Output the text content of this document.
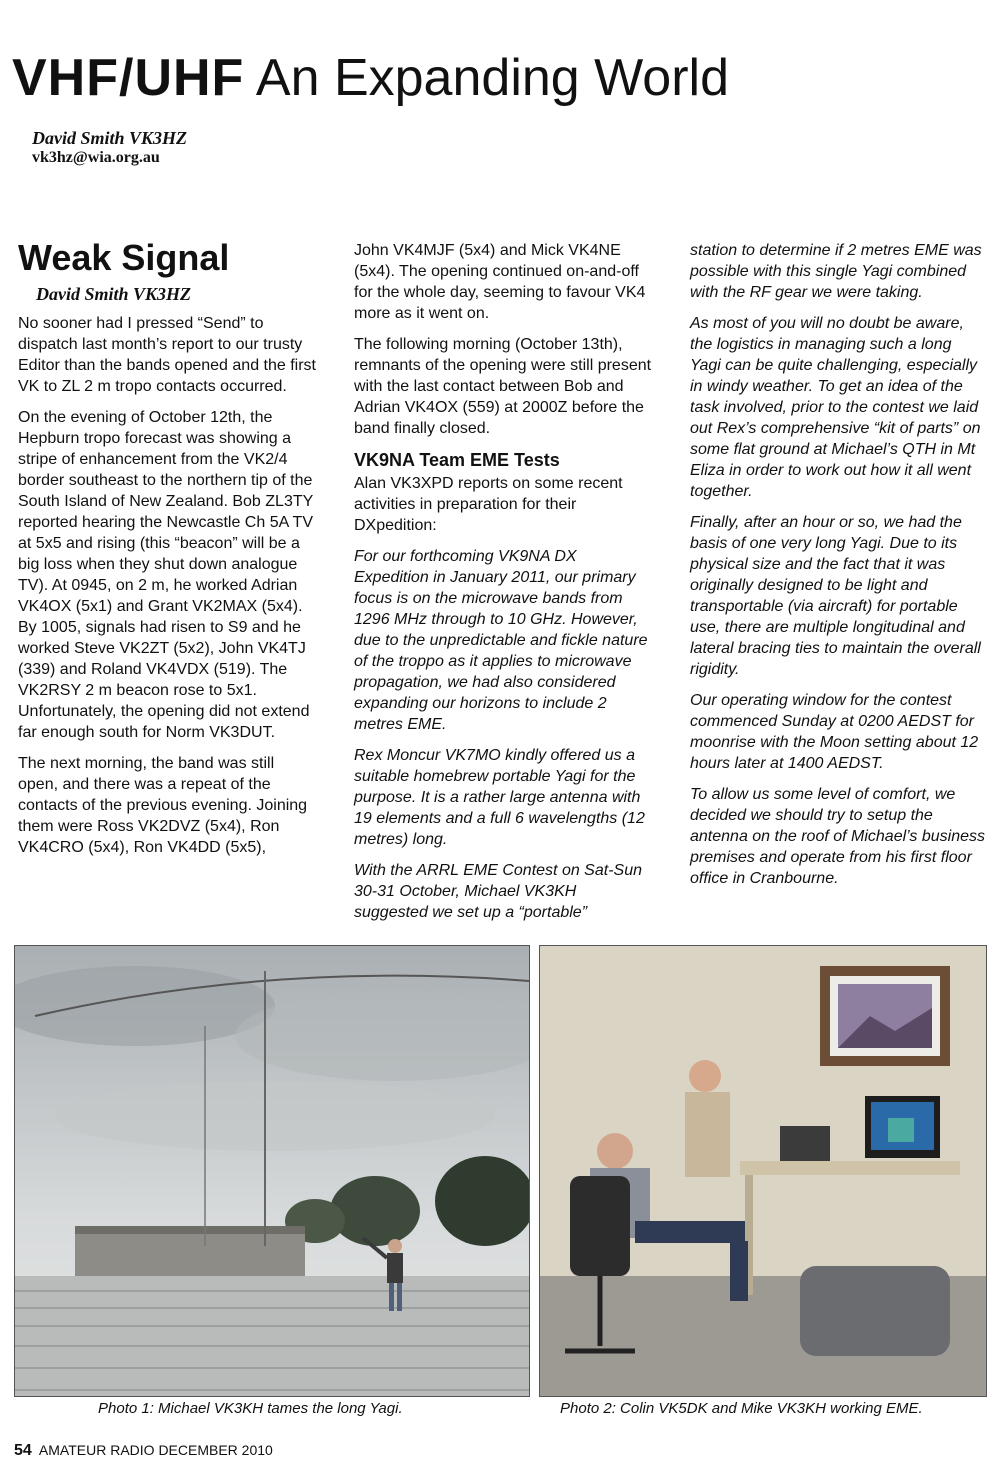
VHF/UHF An Expanding World
David Smith VK3HZ
vk3hz@wia.org.au
Weak Signal
David Smith VK3HZ

No sooner had I pressed “Send” to dispatch last month’s report to our trusty Editor than the bands opened and the first VK to ZL 2 m tropo contacts occurred.

On the evening of October 12th, the Hepburn tropo forecast was showing a stripe of enhancement from the VK2/4 border southeast to the northern tip of the South Island of New Zealand. Bob ZL3TY reported hearing the Newcastle Ch 5A TV at 5x5 and rising (this “beacon” will be a big loss when they shut down analogue TV). At 0945, on 2 m, he worked Adrian VK4OX (5x1) and Grant VK2MAX (5x4). By 1005, signals had risen to S9 and he worked Steve VK2ZT (5x2), John VK4TJ (339) and Roland VK4VDX (519). The VK2RSY 2 m beacon rose to 5x1. Unfortunately, the opening did not extend far enough south for Norm VK3DUT.

The next morning, the band was still open, and there was a repeat of the contacts of the previous evening. Joining them were Ross VK2DVZ (5x4), Ron VK4CRO (5x4), Ron VK4DD (5x5),

John VK4MJF (5x4) and Mick VK4NE (5x4). The opening continued on-and-off for the whole day, seeming to favour VK4 more as it went on.

The following morning (October 13th), remnants of the opening were still present with the last contact between Bob and Adrian VK4OX (559) at 2000Z before the band finally closed.

VK9NA Team EME Tests

Alan VK3XPD reports on some recent activities in preparation for their DXpedition:

For our forthcoming VK9NA DX Expedition in January 2011, our primary focus is on the microwave bands from 1296 MHz through to 10 GHz. However, due to the unpredictable and fickle nature of the troppo as it applies to microwave propagation, we had also considered expanding our horizons to include 2 metres EME.

Rex Moncur VK7MO kindly offered us a suitable homebrew portable Yagi for the purpose. It is a rather large antenna with 19 elements and a full 6 wavelengths (12 metres) long.

With the ARRL EME Contest on Sat-Sun 30-31 October, Michael VK3KH suggested we set up a “portable”

station to determine if 2 metres EME was possible with this single Yagi combined with the RF gear we were taking.

As most of you will no doubt be aware, the logistics in managing such a long Yagi can be quite challenging, especially in windy weather. To get an idea of the task involved, prior to the contest we laid out Rex’s comprehensive “kit of parts” on some flat ground at Michael’s QTH in Mt Eliza in order to work out how it all went together.

Finally, after an hour or so, we had the basis of one very long Yagi. Due to its physical size and the fact that it was originally designed to be light and transportable (via aircraft) for portable use, there are multiple longitudinal and lateral bracing ties to maintain the overall rigidity.

Our operating window for the contest commenced Sunday at 0200 AEDST for moonrise with the Moon setting about 12 hours later at 1400 AEDST.

To allow us some level of comfort, we decided we should try to setup the antenna on the roof of Michael’s business premises and operate from his first floor office in Cranbourne.

Photo 1: Michael VK3KH tames the long Yagi.	Photo 2: Colin VK5DK and Mike VK3KH working EME.
54 AMATEUR RADIO DECEMBER 2010
